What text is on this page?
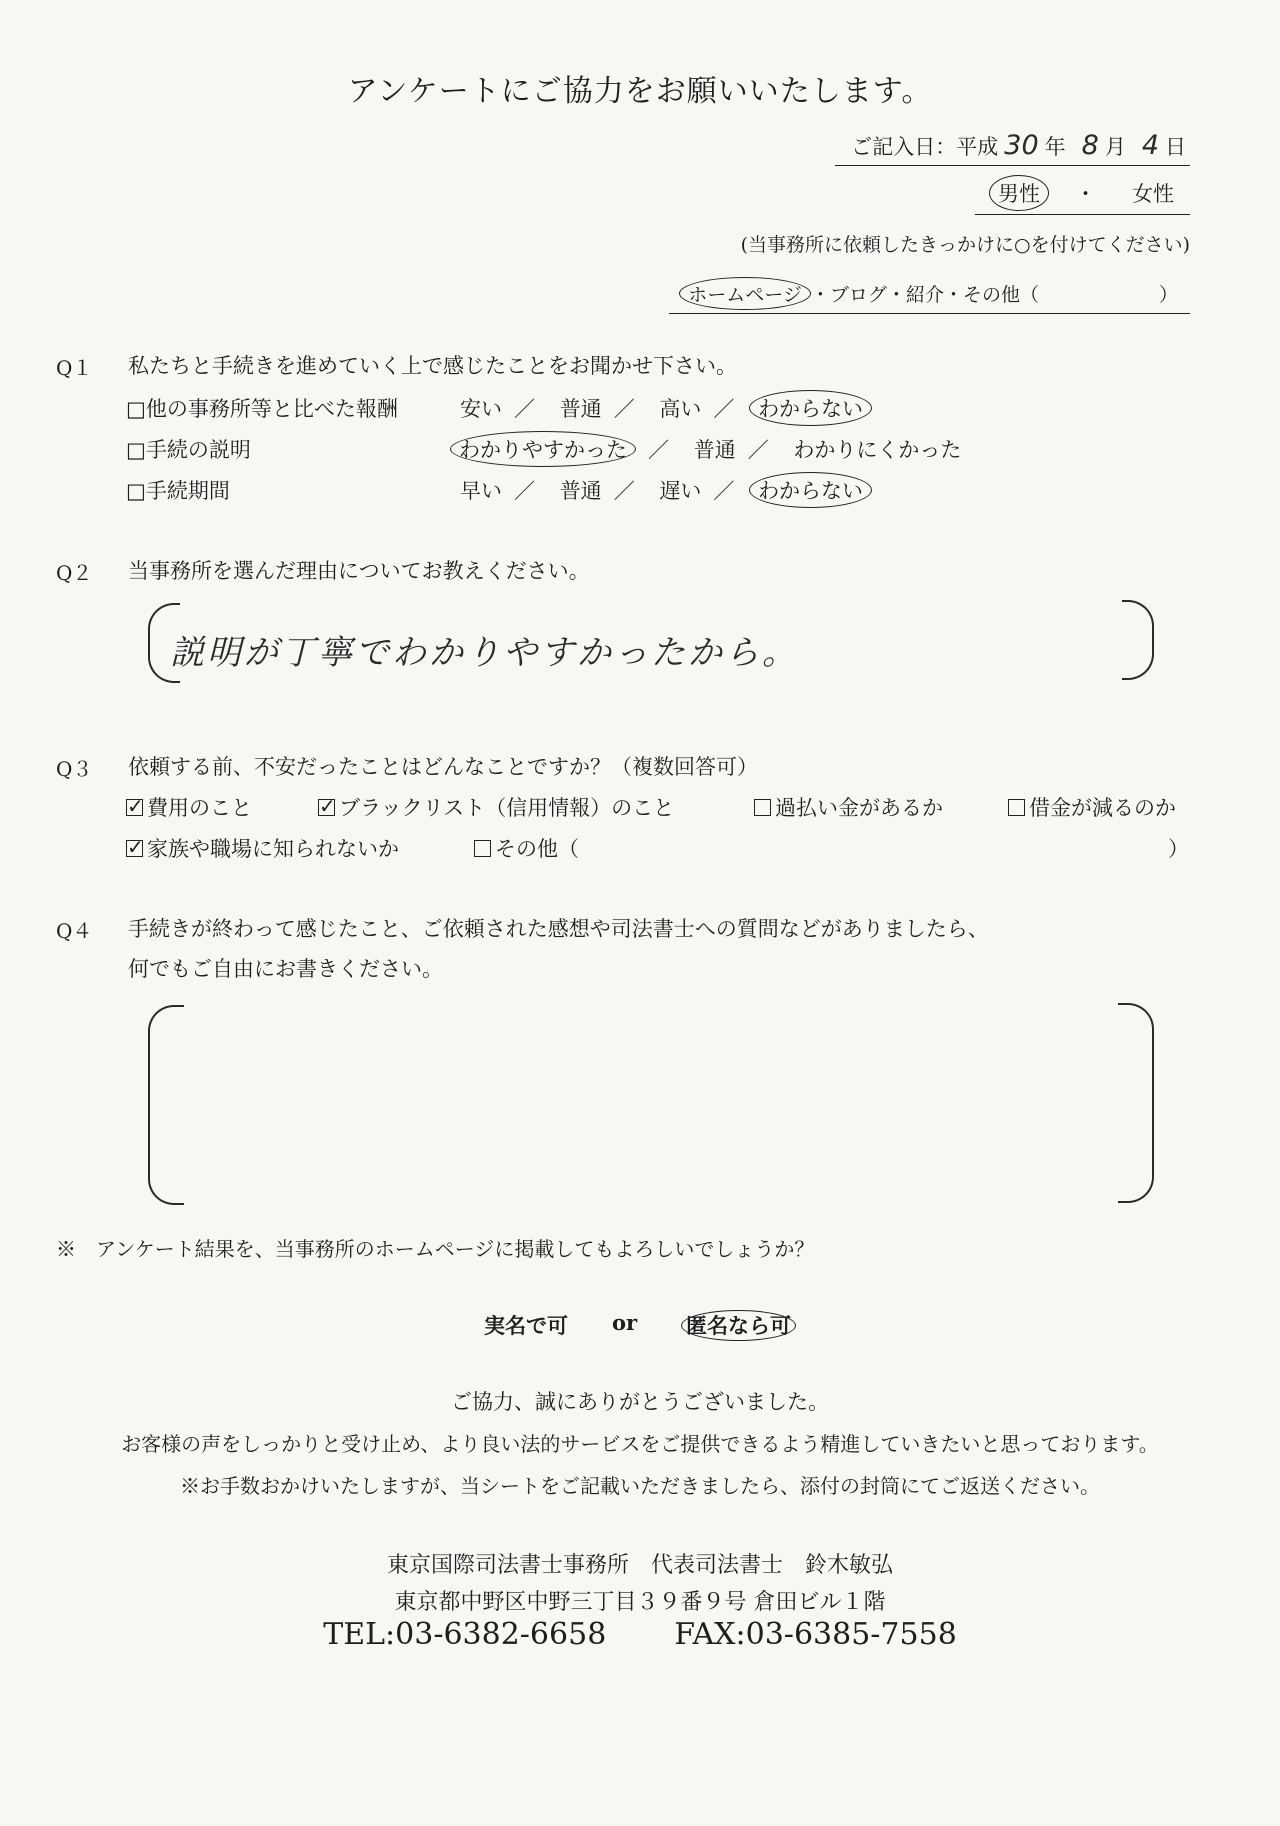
アンケートにご協力をお願いいたします。
ご記入日：平成 30 年 8 月 4 日
男性	・ 女性
(当事務所に依頼したきっかけに○を付けてください)
ホームページ ・ ブログ ・ 紹介 ・ その他（	）
Q１ 私たちと手続きを進めていく上で感じたことをお聞かせ下さい。
□他の事務所等と比べた報酬	安い ／ 普通 ／ 高い ／ わからない
□手続の説明	わかりやすかった ／ 普通 ／ わかりにくかった
□手続期間	早い ／ 普通 ／ 遅い ／ わからない
Q２ 当事務所を選んだ理由についてお教えください。
説明が丁寧でわかりやすかったから。
Q３ 依頼する前、不安だったことはどんなことですか？（複数回答可）
✓費用のこと
✓	ブラックリスト（信用情報）のこと	過払い金があるか	借金が減るのか
✓家族や職場に知られないか	その他（	）
Q４ 手続きが終わって感じたこと、ご依頼された感想や司法書士への質問などがありましたら、
何でもご自由にお書きください。
※　アンケート結果を、当事務所のホームページに掲載してもよろしいでしょうか？
実名で可 or 匿名なら可
ご協力、誠にありがとうございました。
お客様の声をしっかりと受け止め、より良い法的サービスをご提供できるよう精進していきたいと思っております。
※お手数おかけいたしますが、当シートをご記載いただきましたら、添付の封筒にてご返送ください。
東京国際司法書士事務所　代表司法書士　鈴木敏弘
東京都中野区中野三丁目３９番９号 倉田ビル１階
TEL:03-6382-6658 FAX:03-6385-7558
